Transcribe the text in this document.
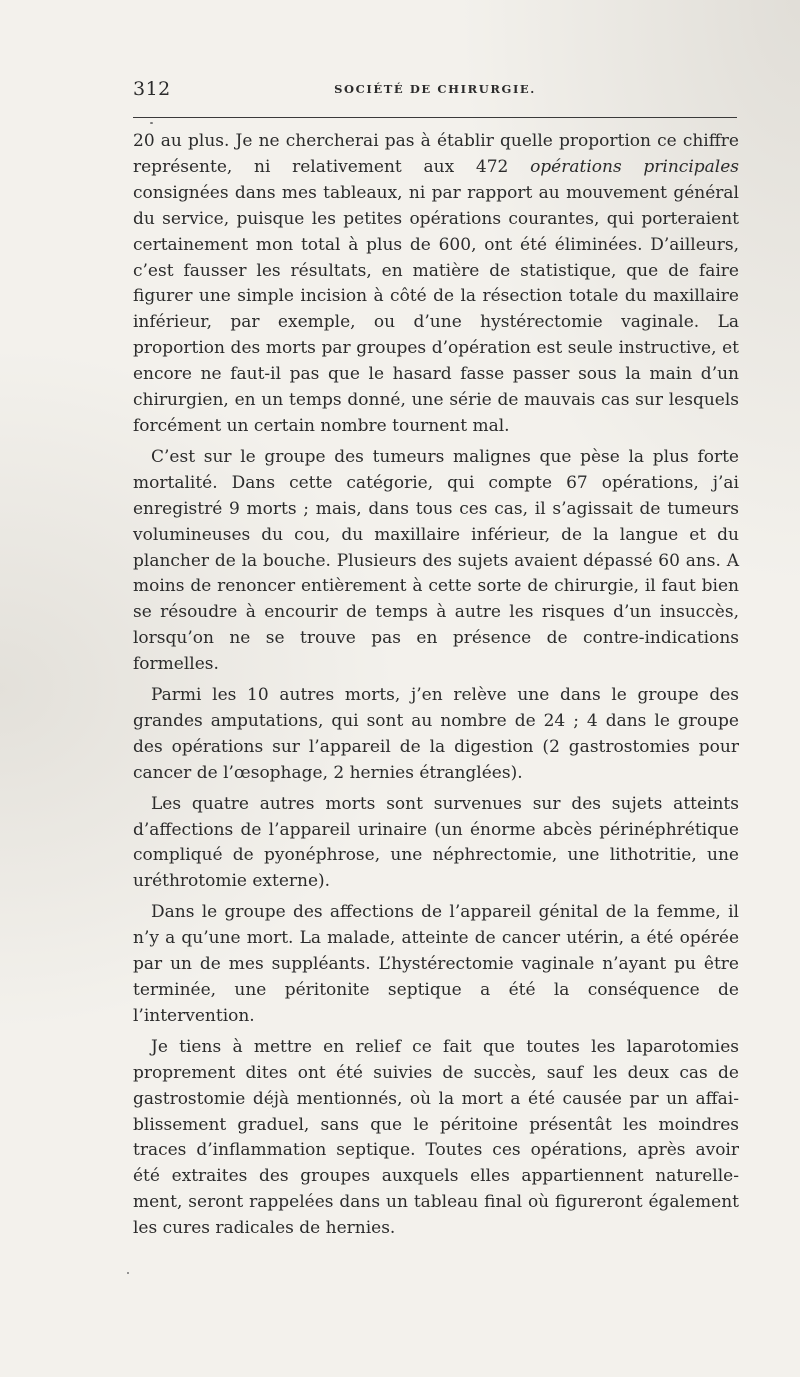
312	SOCIÉTÉ DE CHIRURGIE.

20 au plus. Je ne chercherai pas à établir quelle proportion ce chiffre représente, ni relativement aux 472 opérations principales consignées dans mes tableaux, ni par rapport au mouvement général du service, puisque les petites opérations courantes, qui porteraient certainement mon total à plus de 600, ont été éliminées. D’ailleurs, c’est fausser les résultats, en matière de statistique, que de faire figurer une simple incision à côté de la résection totale du maxillaire inférieur, par exemple, ou d’une hystérectomie vaginale. La proportion des morts par groupes d’opération est seule instructive, et encore ne faut-il pas que le hasard fasse passer sous la main d’un chirurgien, en un temps donné, une série de mauvais cas sur lesquels forcément un certain nombre tournent mal.

C’est sur le groupe des tumeurs malignes que pèse la plus forte mortalité. Dans cette catégorie, qui compte 67 opérations, j’ai enregistré 9 morts ; mais, dans tous ces cas, il s’agissait de tumeurs volumineuses du cou, du maxillaire inférieur, de la langue et du plancher de la bouche. Plusieurs des sujets avaient dépassé 60 ans. A moins de renoncer entièrement à cette sorte de chirurgie, il faut bien se résoudre à encourir de temps à autre les risques d’un insuccès, lorsqu’on ne se trouve pas en présence de contre-indications formelles.

Parmi les 10 autres morts, j’en relève une dans le groupe des grandes amputations, qui sont au nombre de 24 ; 4 dans le groupe des opérations sur l’appareil de la digestion (2 gastrostomies pour cancer de l’œsophage, 2 hernies étranglées).

Les quatre autres morts sont survenues sur des sujets atteints d’affections de l’appareil urinaire (un énorme abcès périnéphrétique compliqué de pyonéphrose, une néphrectomie, une lithotritie, une uréthrotomie externe).

Dans le groupe des affections de l’appareil génital de la femme, il n’y a qu’une mort. La malade, atteinte de cancer utérin, a été opérée par un de mes suppléants. L’hystérectomie vaginale n’ayant pu être terminée, une péritonite septique a été la conséquence de l’intervention.

Je tiens à mettre en relief ce fait que toutes les laparotomies proprement dites ont été suivies de succès, sauf les deux cas de gastrostomie déjà mentionnés, où la mort a été causée par un affaiblissement graduel, sans que le péritoine présentât les moindres traces d’inflammation septique. Toutes ces opérations, après avoir été extraites des groupes auxquels elles appartiennent naturellement, seront rappelées dans un tableau final où figureront également les cures radicales de hernies.
